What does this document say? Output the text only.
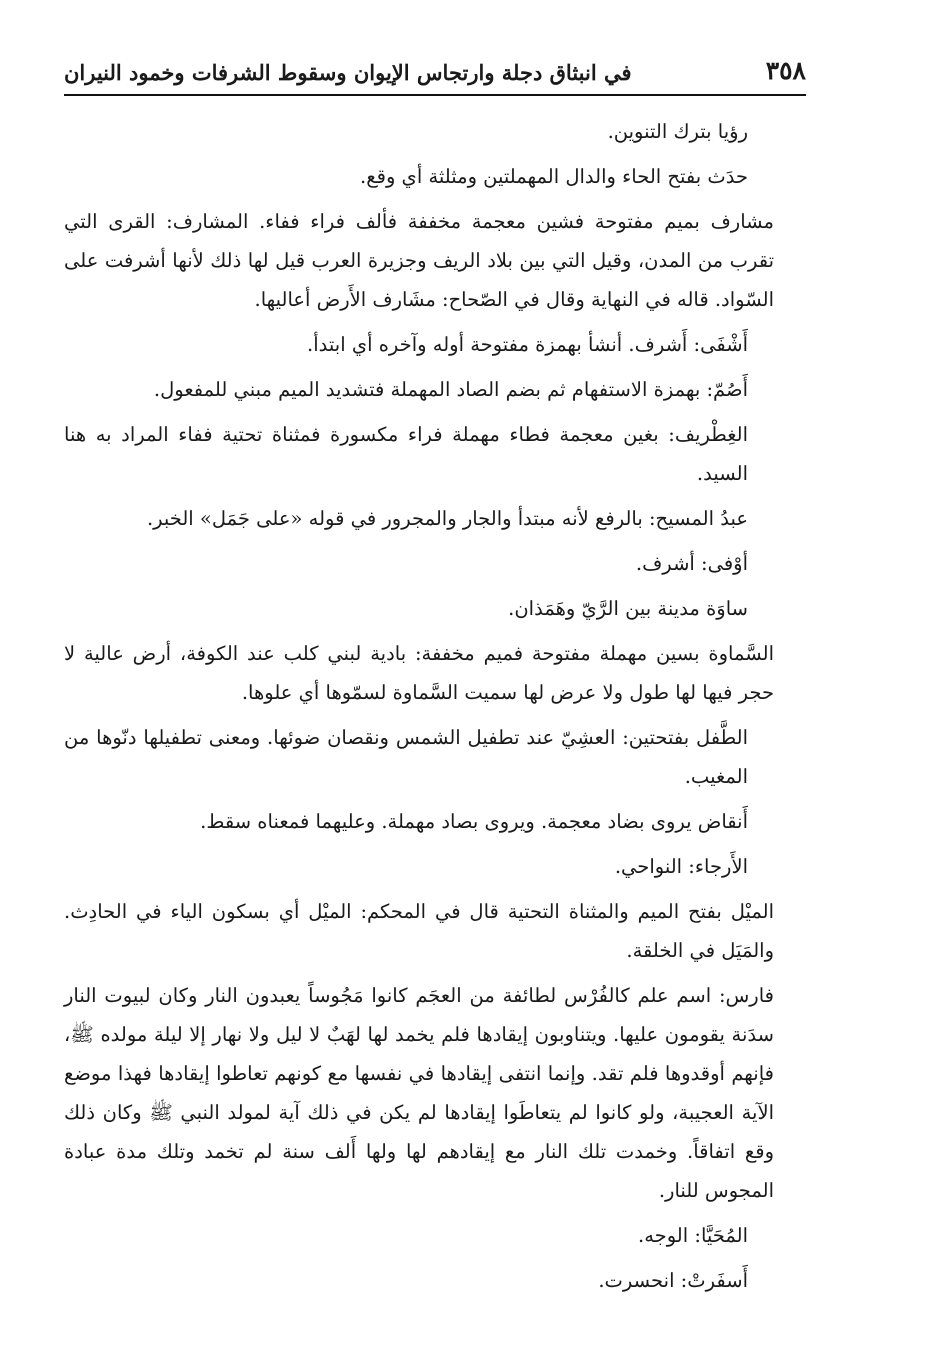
٣٥٨
في انبثاق دجلة وارتجاس الإيوان وسقوط الشرفات وخمود النيران

رؤيا بترك التنوين.

حدَث بفتح الحاء والدال المهملتين ومثلثة أي وقع.

مشارف بميم مفتوحة فشين معجمة مخففة فألف فراء ففاء. المشارف: القرى التي تقرب من المدن، وقيل التي بين بلاد الريف وجزيرة العرب قيل لها ذلك لأنها أشرفت على السّواد. قاله في النهاية وقال في الصّحاح: مشَارف الأَرض أعاليها.

أَشْفَى: أَشرف. أنشأ بهمزة مفتوحة أوله وآخره أي ابتدأ.

أَصُمّ: بهمزة الاستفهام ثم بضم الصاد المهملة فتشديد الميم مبني للمفعول.

الغِطْريف: بغين معجمة فطاء مهملة فراء مكسورة فمثناة تحتية ففاء المراد به هنا السيد.

عبدُ المسيح: بالرفع لأنه مبتدأ والجار والمجرور في قوله «على جَمَل» الخبر.

أوْفى: أشرف.

ساوَة مدينة بين الرَّيّ وهَمَذان.

السَّماوة بسين مهملة مفتوحة فميم مخففة: بادية لبني كلب عند الكوفة، أرض عالية لا حجر فيها لها طول ولا عرض لها سميت السَّماوة لسمّوها أي علوها.

الطَّفل بفتحتين: العشِيّ عند تطفيل الشمس ونقصان ضوئها. ومعنى تطفيلها دنّوها من المغيب.

أَنقاض يروى بضاد معجمة. ويروى بصاد مهملة. وعليهما فمعناه سقط.

الأَرجاء: النواحي.

الميْل بفتح الميم والمثناة التحتية قال في المحكم: الميْل أي بسكون الياء في الحادِث. والمَيَل في الخلقة.

فارس: اسم علم كالفُرْس لطائفة من العجَم كانوا مَجُوساً يعبدون النار وكان لبيوت النار سدَنة يقومون عليها. ويتناوبون إيقادها فلم يخمد لها لهَبٌ لا ليل ولا نهار إلا ليلة مولده ﷺ، فإنهم أوقدوها فلم تقد. وإنما انتفى إيقادها في نفسها مع كونهم تعاطوا إيقادها فهذا موضع الآية العجيبة، ولو كانوا لم يتعاطَوا إيقادها لم يكن في ذلك آية لمولد النبي ﷺ وكان ذلك وقع اتفاقاً. وخمدت تلك النار مع إيقادهم لها ولها أَلف سنة لم تخمد وتلك مدة عبادة المجوس للنار.

المُحَيَّا: الوجه.

أَسفَرتْ: انحسرت.
